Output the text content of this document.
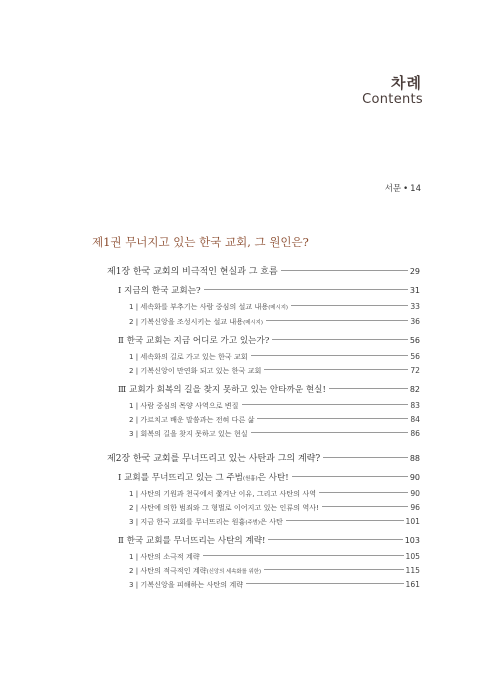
차례
Contents
서문 • 14
제1권 무너지고 있는 한국 교회, 그 원인은?
제1장 한국 교회의 비극적인 현실과 그 흐름	29
Ⅰ 지금의 한국 교회는?	31
1 | 세속화를 부추기는 사람 중심의 설교 내용(메시지)	33
2 | 기복신앙을 조성시키는 설교 내용(메시지)	36
Ⅱ 한국 교회는 지금 어디로 가고 있는가?	56
1 | 세속화의 길로 가고 있는 한국 교회	56
2 | 기복신앙이 만연화 되고 있는 한국 교회	72
Ⅲ 교회가 회복의 길을 찾지 못하고 있는 안타까운 현실!	82
1 | 사람 중심의 목양 사역으로 변질	83
2 | 가르치고 배운 말씀과는 전혀 다른 삶	84
3 | 회복의 길을 찾지 못하고 있는 현실	86
제2장 한국 교회를 무너뜨리고 있는 사탄과 그의 계략?	88
Ⅰ 교회를 무너뜨리고 있는 그 주범(원흉)은 사탄!	90
1 | 사탄의 기원과 천국에서 쫓겨난 이유, 그리고 사탄의 사역	90
2 | 사탄에 의한 범죄와 그 형벌로 이어지고 있는 인류의 역사!	96
3 | 지금 한국 교회를 무너뜨리는 원흉(주범)은 사탄	101
Ⅱ 한국 교회를 무너뜨리는 사탄의 계략!	103
1 | 사탄의 소극적 계략	105
2 | 사탄의 적극적인 계략(신앙의 세속화를 위한)	115
3 | 기복신앙을 피해하는 사탄의 계략	161
